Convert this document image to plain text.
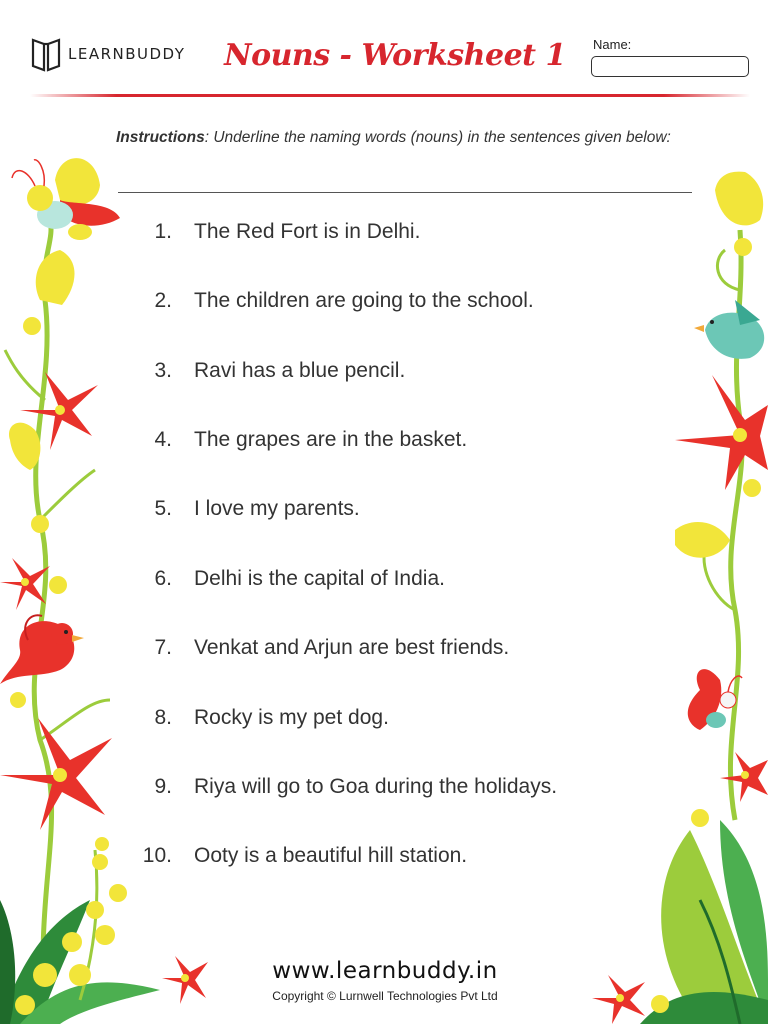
LEARNBUDDY	Nouns - Worksheet 1	Name:
Instructions: Underline the naming words (nouns) in the sentences given below:
1.	The Red Fort is in Delhi.
2.	The children are going to the school.
3.	Ravi has a blue pencil.
4.	The grapes are in the basket.
5.	I love my parents.
6.	Delhi is the capital of India.
7.	Venkat and Arjun are best friends.
8.	Rocky is my pet dog.
9.	Riya will go to Goa during the holidays.
10.	Ooty is a beautiful hill station.
www.learnbuddy.in
Copyright © Lurnwell Technologies Pvt Ltd
